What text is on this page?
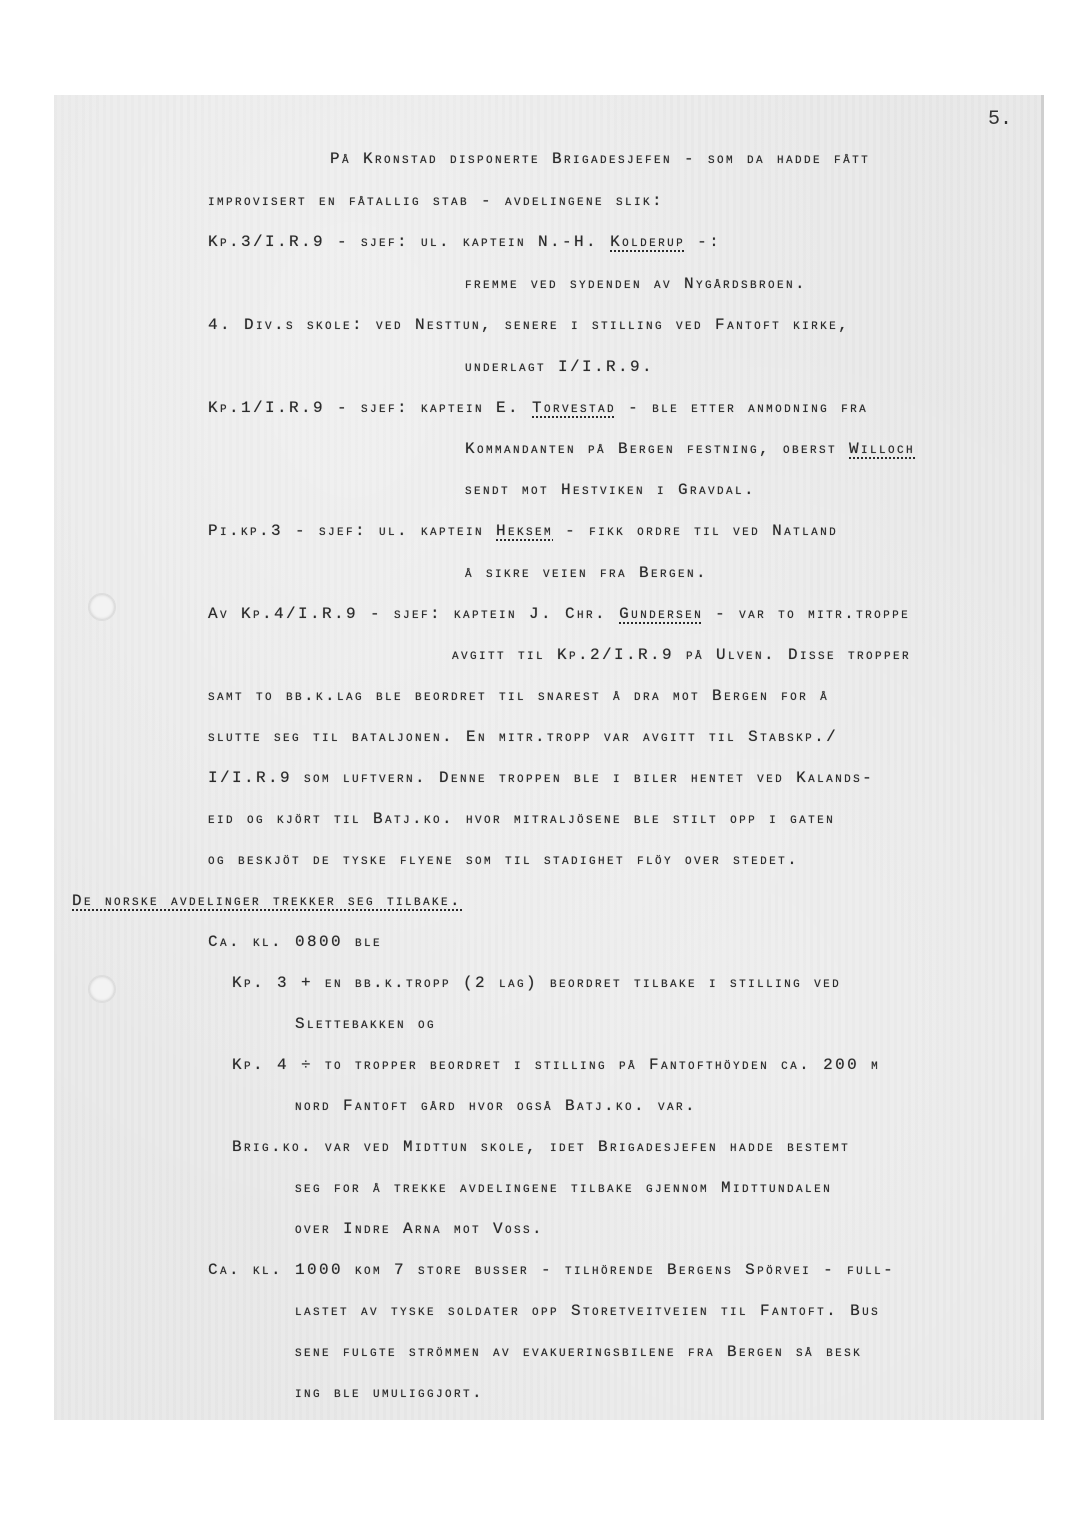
5.
På Kronstad disponerte Brigadesjefen - som da hadde fått
improvisert en fåtallig stab - avdelingene slik:
Kp.3/I.R.9 - sjef: ul. kaptein N.-H. Kolderup -:
fremme ved sydenden av Nygårdsbroen.
4. Div.s skole: ved Nesttun, senere i stilling ved Fantoft kirke,
underlagt I/I.R.9.
Kp.1/I.R.9 - sjef: kaptein E. Torvestad - ble etter anmodning fra
Kommandanten på Bergen festning, oberst Willoch
sendt mot Hestviken i Gravdal.
Pi.kp.3 - sjef: ul. kaptein Heksem - fikk ordre til ved Natland
å sikre veien fra Bergen.
Av Kp.4/I.R.9 - sjef: kaptein J. Chr. Gundersen - var to mitr.troppe
avgitt til Kp.2/I.R.9 på Ulven. Disse tropper
samt to bb.k.lag ble beordret til snarest å dra mot Bergen for å
slutte seg til bataljonen. En mitr.tropp var avgitt til Stabskp./
I/I.R.9 som luftvern. Denne troppen ble i biler hentet ved Kalands-
eid og kjört til Batj.ko. hvor mitraljösene ble stilt opp i gaten
og beskjöt de tyske flyene som til stadighet flöy over stedet.
De norske avdelinger trekker seg tilbake.
Ca. kl. 0800 ble
Kp. 3 + en bb.k.tropp (2 lag) beordret tilbake i stilling ved
Slettebakken og
Kp. 4 ÷ to tropper beordret i stilling på Fantofthöyden ca. 200 m
nord Fantoft gård hvor også Batj.ko. var.
Brig.ko. var ved Midttun skole, idet Brigadesjefen hadde bestemt
seg for å trekke avdelingene tilbake gjennom Midttundalen
over Indre Arna mot Voss.
Ca. kl. 1000 kom 7 store busser - tilhörende Bergens Spörvei - full-
lastet av tyske soldater opp Storetveitveien til Fantoft. Bus
sene fulgte strömmen av evakueringsbilene fra Bergen så besk
ing ble umuliggjort.
